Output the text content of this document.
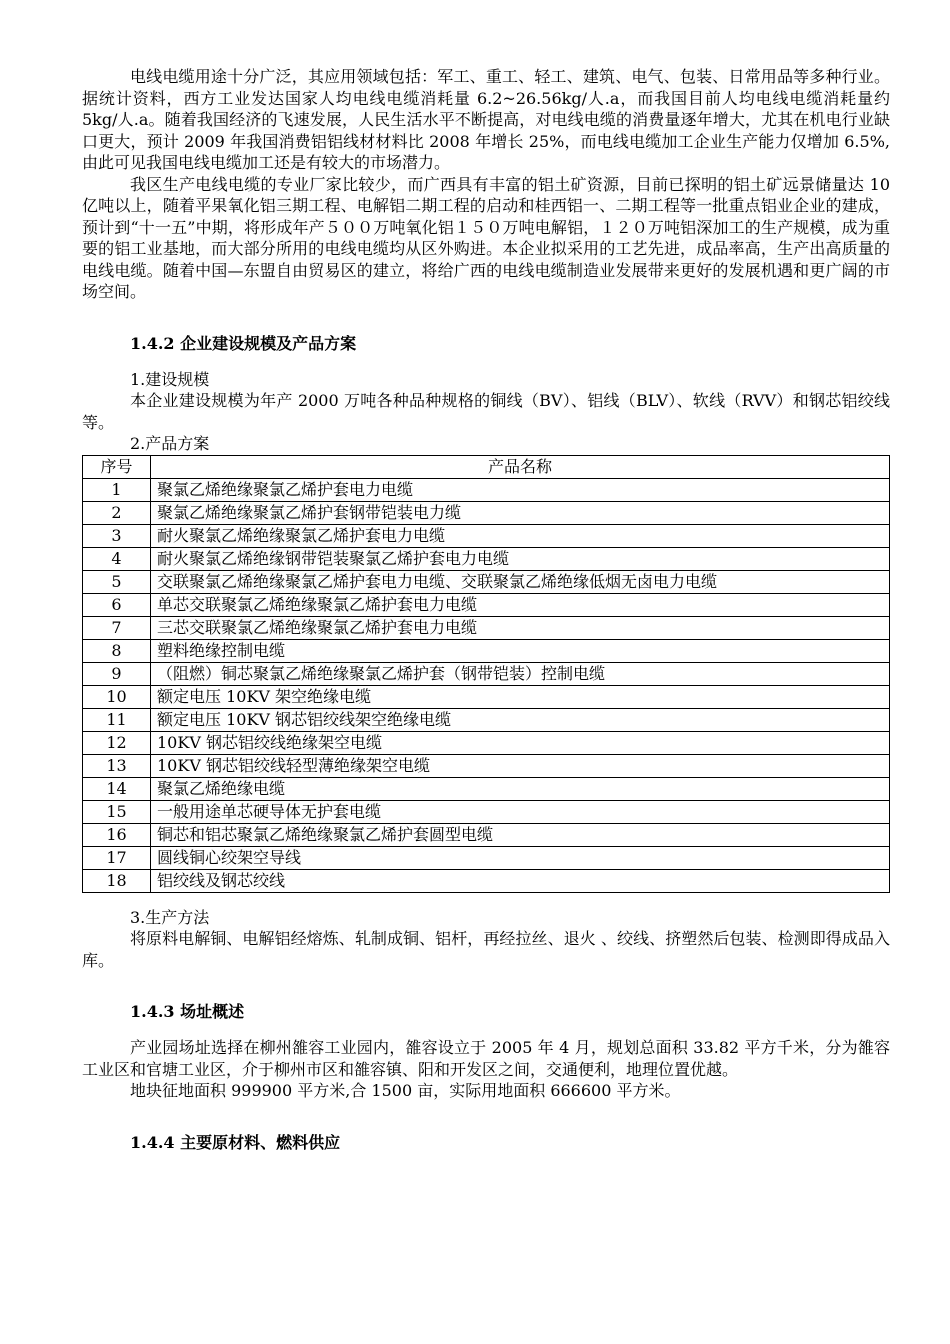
电线电缆用途十分广泛，其应用领域包括：军工、重工、轻工、建筑、电气、包装、日常用品等多种行业。据统计资料，西方工业发达国家人均电线电缆消耗量 6.2~26.56kg/人.a，而我国目前人均电线电缆消耗量约 5kg/人.a。随着我国经济的飞速发展，人民生活水平不断提高，对电线电缆的消费量逐年增大，尤其在机电行业缺口更大，预计 2009 年我国消费铝铝线材材料比 2008 年增长 25%，而电线电缆加工企业生产能力仅增加 6.5%,由此可见我国电线电缆加工还是有较大的市场潜力。

我区生产电线电缆的专业厂家比较少，而广西具有丰富的铝土矿资源，目前已探明的铝土矿远景储量达 10 亿吨以上，随着平果氧化铝三期工程、电解铝二期工程的启动和桂西铝一、二期工程等一批重点铝业企业的建成，预计到“十一五”中期，将形成年产５００万吨氧化铝１５０万吨电解铝，１２０万吨铝深加工的生产规模，成为重要的铝工业基地，而大部分所用的电线电缆均从区外购进。本企业拟采用的工艺先进，成品率高，生产出高质量的电线电缆。随着中国—东盟自由贸易区的建立，将给广西的电线电缆制造业发展带来更好的发展机遇和更广阔的市场空间。

1.4.2 企业建设规模及产品方案
1.建设规模

本企业建设规模为年产 2000 万吨各种品种规格的铜线（BV）、铝线（BLV）、软线（RVV）和钢芯铝绞线等。

2.产品方案
序号	产品名称
1	聚氯乙烯绝缘聚氯乙烯护套电力电缆
2	聚氯乙烯绝缘聚氯乙烯护套钢带铠装电力缆
3	耐火聚氯乙烯绝缘聚氯乙烯护套电力电缆
4	耐火聚氯乙烯绝缘钢带铠装聚氯乙烯护套电力电缆
5	交联聚氯乙烯绝缘聚氯乙烯护套电力电缆、交联聚氯乙烯绝缘低烟无卤电力电缆
6	单芯交联聚氯乙烯绝缘聚氯乙烯护套电力电缆
7	三芯交联聚氯乙烯绝缘聚氯乙烯护套电力电缆
8	塑料绝缘控制电缆
9	（阻燃）铜芯聚氯乙烯绝缘聚氯乙烯护套（钢带铠装）控制电缆
10	额定电压 10KV 架空绝缘电缆
11	额定电压 10KV 钢芯铝绞线架空绝缘电缆
12	10KV 钢芯铝绞线绝缘架空电缆
13	10KV 钢芯铝绞线轻型薄绝缘架空电缆
14	聚氯乙烯绝缘电缆
15	一般用途单芯硬导体无护套电缆
16	铜芯和铝芯聚氯乙烯绝缘聚氯乙烯护套圆型电缆
17	圆线铜心绞架空导线
18	铝绞线及钢芯绞线
3.生产方法

将原料电解铜、电解铝经熔炼、轧制成铜、铝杆，再经拉丝、退火 、绞线、挤塑然后包装、检测即得成品入库。

1.4.3 场址概述

产业园场址选择在柳州雒容工业园内，雒容设立于 2005 年 4 月，规划总面积 33.82 平方千米，分为雒容工业区和官塘工业区，介于柳州市区和雒容镇、阳和开发区之间，交通便利，地理位置优越。

地块征地面积 999900 平方米,合 1500 亩，实际用地面积 666600 平方米。

1.4.4 主要原材料、燃料供应
